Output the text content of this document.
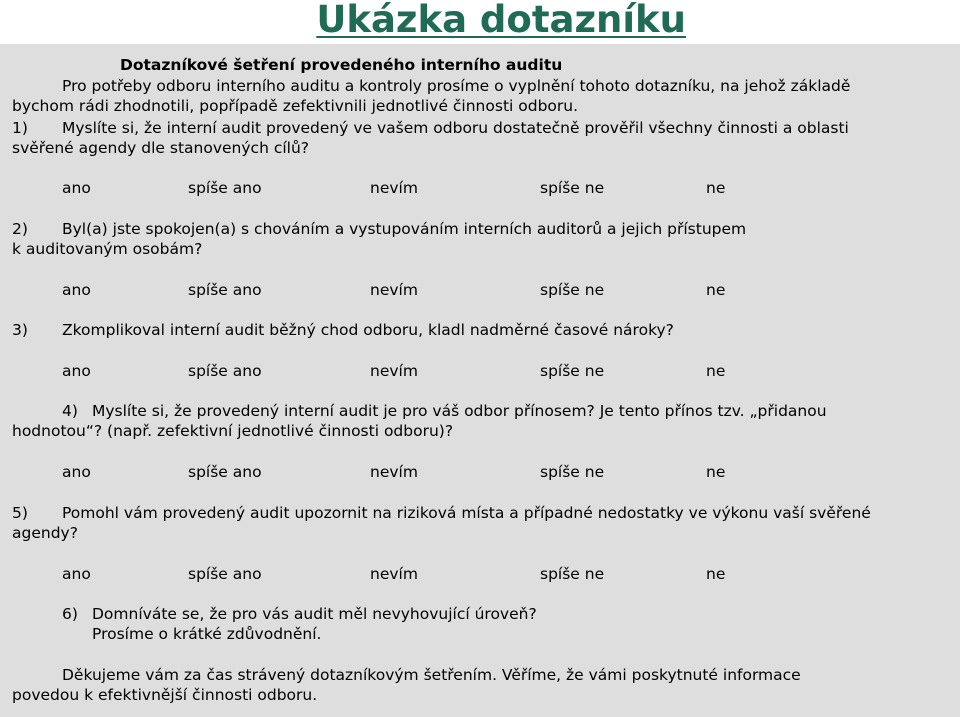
Ukázka dotazníku
Dotazníkové šetření provedeného interního auditu
Pro potřeby odboru interního auditu a kontroly prosíme o vyplnění tohoto dotazníku, na jehož základě
bychom rádi zhodnotili, popřípadě zefektivnili jednotlivé činnosti odboru.
1) Myslíte si, že interní audit provedený ve vašem odboru dostatečně prověřil všechny činnosti a oblasti
svěřené agendy dle stanovených cílů?
ano	spíše ano	nevím	spíše ne	ne
2) Byl(a) jste spokojen(a) s chováním a vystupováním interních auditorů a jejich přístupem
k auditovaným osobám?
ano	spíše ano	nevím	spíše ne	ne
3) Zkomplikoval interní audit běžný chod odboru, kladl nadměrné časové nároky?
ano	spíše ano	nevím	spíše ne	ne
4) Myslíte si, že provedený interní audit je pro váš odbor přínosem? Je tento přínos tzv. „přidanou
hodnotou“? (např. zefektivní jednotlivé činnosti odboru)?
ano	spíše ano	nevím	spíše ne	ne
5) Pomohl vám provedený audit upozornit na riziková místa a případné nedostatky ve výkonu vaší svěřené
agendy?
ano	spíše ano	nevím	spíše ne	ne
6) Domníváte se, že pro vás audit měl nevyhovující úroveň?
Prosíme o krátké zdůvodnění.
Děkujeme vám za čas strávený dotazníkovým šetřením. Věříme, že vámi poskytnuté informace
povedou k efektivnější činnosti odboru.
